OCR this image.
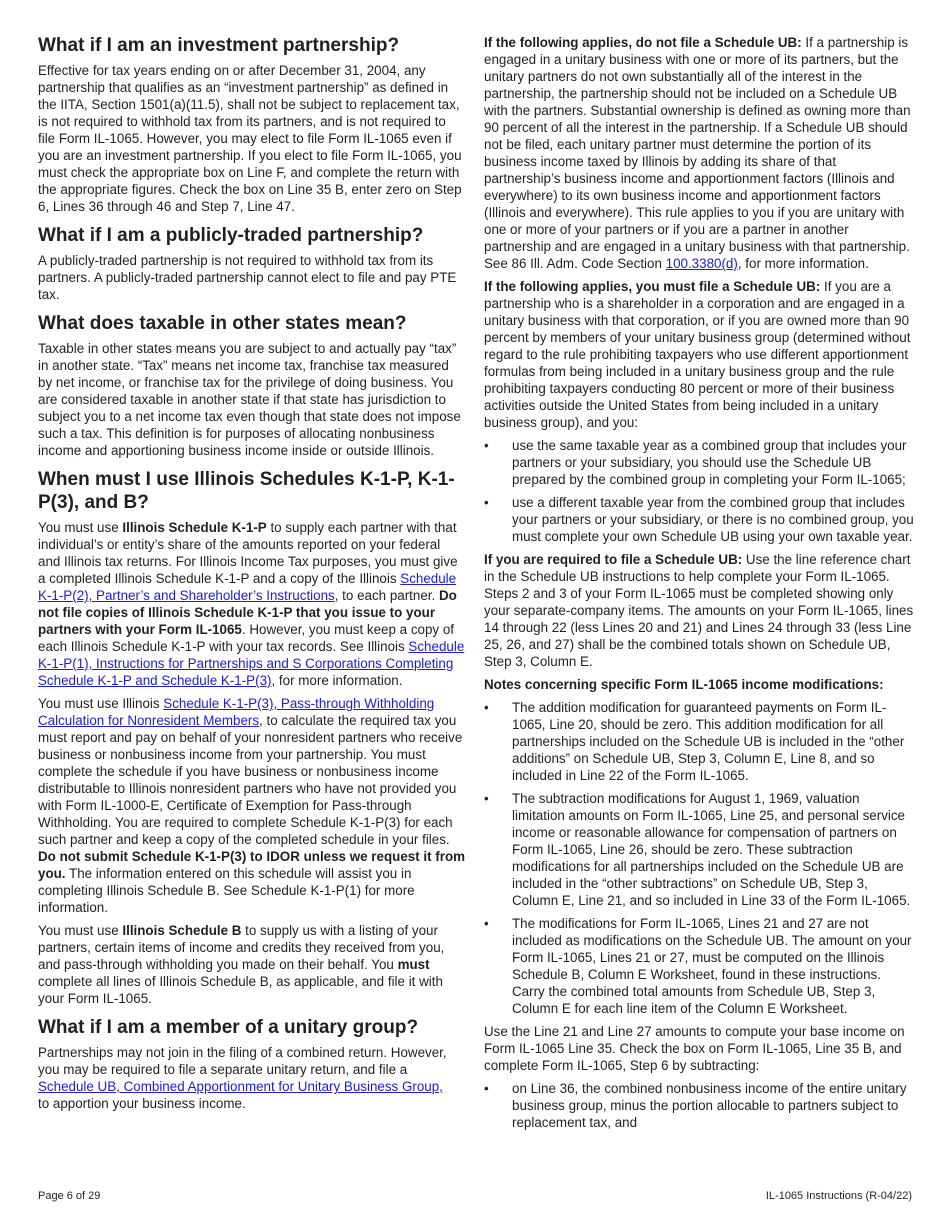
What if I am an investment partnership?

Effective for tax years ending on or after December 31, 2004, any partnership that qualifies as an “investment partnership” as defined in the IITA, Section 1501(a)(11.5), shall not be subject to replacement tax, is not required to withhold tax from its partners, and is not required to file Form IL-1065. However, you may elect to file Form IL-1065 even if you are an investment partnership. If you elect to file Form IL-1065, you must check the appropriate box on Line F, and complete the return with the appropriate figures. Check the box on Line 35 B, enter zero on Step 6, Lines 36 through 46 and Step 7, Line 47.

What if I am a publicly-traded partnership?

A publicly-traded partnership is not required to withhold tax from its partners. A publicly-traded partnership cannot elect to file and pay PTE tax.

What does taxable in other states mean?

Taxable in other states means you are subject to and actually pay “tax” in another state. “Tax” means net income tax, franchise tax measured by net income, or franchise tax for the privilege of doing business. You are considered taxable in another state if that state has jurisdiction to subject you to a net income tax even though that state does not impose such a tax. This definition is for purposes of allocating nonbusiness income and apportioning business income inside or outside Illinois.

When must I use Illinois Schedules K-1-P, K-1-P(3), and B?

You must use Illinois Schedule K-1-P to supply each partner with that individual’s or entity’s share of the amounts reported on your federal and Illinois tax returns. For Illinois Income Tax purposes, you must give a completed Illinois Schedule K-1-P and a copy of the Illinois Schedule K-1-P(2), Partner’s and Shareholder’s Instructions, to each partner. Do not file copies of Illinois Schedule K-1-P that you issue to your partners with your Form IL-1065. However, you must keep a copy of each Illinois Schedule K-1-P with your tax records. See Illinois Schedule K-1-P(1), Instructions for Partnerships and S Corporations Completing Schedule K-1-P and Schedule K-1-P(3), for more information.

You must use Illinois Schedule K-1-P(3), Pass-through Withholding Calculation for Nonresident Members, to calculate the required tax you must report and pay on behalf of your nonresident partners who receive business or nonbusiness income from your partnership. You must complete the schedule if you have business or nonbusiness income distributable to Illinois nonresident partners who have not provided you with Form IL-1000-E, Certificate of Exemption for Pass-through Withholding. You are required to complete Schedule K-1-P(3) for each such partner and keep a copy of the completed schedule in your files. Do not submit Schedule K-1-P(3) to IDOR unless we request it from you. The information entered on this schedule will assist you in completing Illinois Schedule B. See Schedule K-1-P(1) for more information.

You must use Illinois Schedule B to supply us with a listing of your partners, certain items of income and credits they received from you, and pass-through withholding you made on their behalf. You must complete all lines of Illinois Schedule B, as applicable, and file it with your Form IL-1065.

What if I am a member of a unitary group?

Partnerships may not join in the filing of a combined return. However, you may be required to file a separate unitary return, and file a Schedule UB, Combined Apportionment for Unitary Business Group,
to apportion your business income.

If the following applies, do not file a Schedule UB: If a partnership is engaged in a unitary business with one or more of its partners, but the unitary partners do not own substantially all of the interest in the partnership, the partnership should not be included on a Schedule UB with the partners. Substantial ownership is defined as owning more than 90 percent of all the interest in the partnership. If a Schedule UB should not be filed, each unitary partner must determine the portion of its business income taxed by Illinois by adding its share of that partnership’s business income and apportionment factors (Illinois and everywhere) to its own business income and apportionment factors (Illinois and everywhere). This rule applies to you if you are unitary with one or more of your partners or if you are a partner in another partnership and are engaged in a unitary business with that partnership. See 86 Ill. Adm. Code Section 100.3380(d), for more information.

If the following applies, you must file a Schedule UB: If you are a partnership who is a shareholder in a corporation and are engaged in a unitary business with that corporation, or if you are owned more than 90 percent by members of your unitary business group (determined without regard to the rule prohibiting taxpayers who use different apportionment formulas from being included in a unitary business group and the rule prohibiting taxpayers conducting 80 percent or more of their business activities outside the United States from being included in a unitary business group), and you:

• use the same taxable year as a combined group that includes your partners or your subsidiary, you should use the Schedule UB prepared by the combined group in completing your Form IL-1065;
• use a different taxable year from the combined group that includes your partners or your subsidiary, or there is no combined group, you must complete your own Schedule UB using your own taxable year.

If you are required to file a Schedule UB: Use the line reference chart in the Schedule UB instructions to help complete your Form IL-1065. Steps 2 and 3 of your Form IL-1065 must be completed showing only your separate-company items. The amounts on your Form IL-1065, lines 14 through 22 (less Lines 20 and 21) and Lines 24 through 33 (less Line 25, 26, and 27) shall be the combined totals shown on Schedule UB, Step 3, Column E.

Notes concerning specific Form IL-1065 income modifications:

• The addition modification for guaranteed payments on Form IL-1065, Line 20, should be zero. This addition modification for all partnerships included on the Schedule UB is included in the “other additions” on Schedule UB, Step 3, Column E, Line 8, and so included in Line 22 of the Form IL-1065.
• The subtraction modifications for August 1, 1969, valuation limitation amounts on Form IL-1065, Line 25, and personal service income or reasonable allowance for compensation of partners on Form IL-1065, Line 26, should be zero. These subtraction modifications for all partnerships included on the Schedule UB are included in the “other subtractions” on Schedule UB, Step 3, Column E, Line 21, and so included in Line 33 of the Form IL-1065.
• The modifications for Form IL-1065, Lines 21 and 27 are not included as modifications on the Schedule UB. The amount on your Form IL-1065, Lines 21 or 27, must be computed on the Illinois Schedule B, Column E Worksheet, found in these instructions. Carry the combined total amounts from Schedule UB, Step 3, Column E for each line item of the Column E Worksheet.

Use the Line 21 and Line 27 amounts to compute your base income on Form IL-1065 Line 35. Check the box on Form IL-1065, Line 35 B, and complete Form IL-1065, Step 6 by subtracting:

• on Line 36, the combined nonbusiness income of the entire unitary business group, minus the portion allocable to partners subject to replacement tax, and
Page 6 of 29	IL-1065 Instructions (R-04/22)
